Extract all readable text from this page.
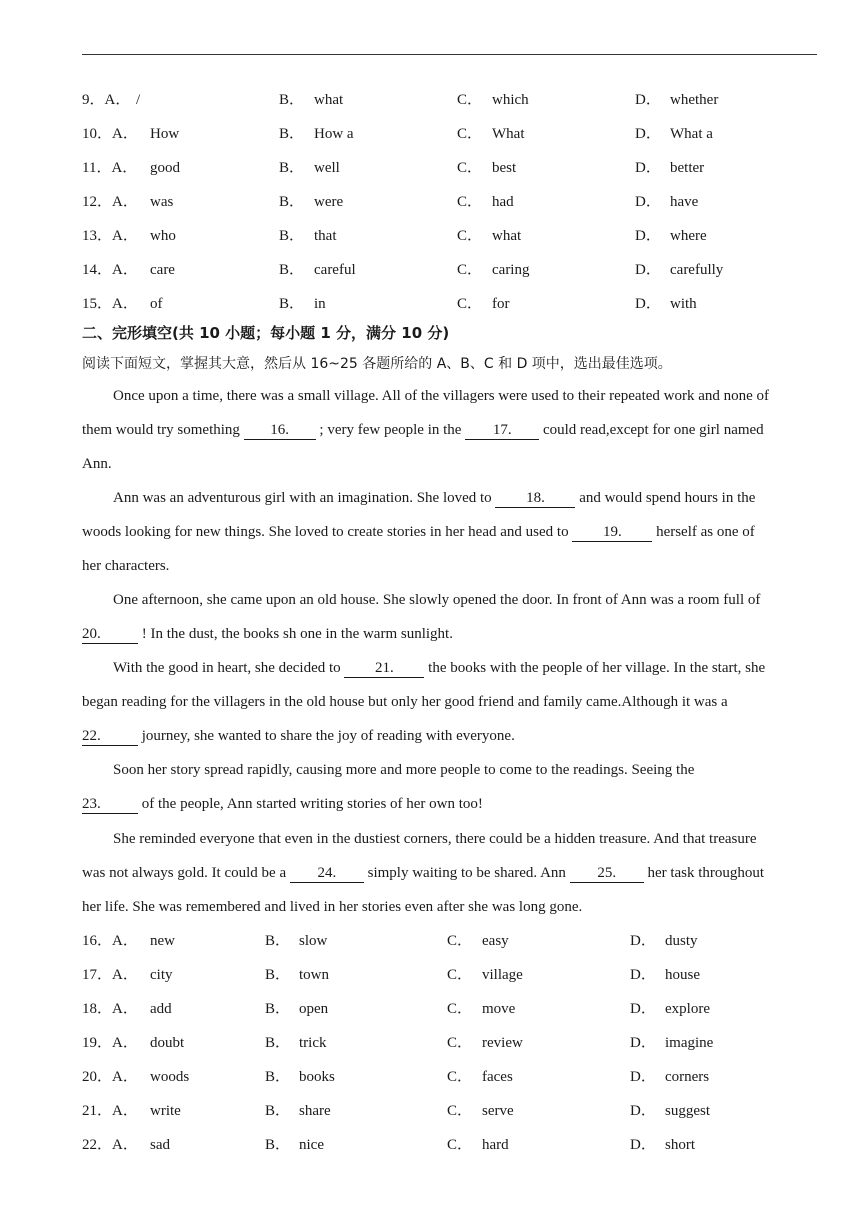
9．A． /	B． what	C． which	D． whether
10．A． How	B． How a	C． What	D． What a
11．A． good	B． well	C． best	D． better
12．A． was	B． were	C． had	D． have
13．A． who	B． that	C． what	D． where
14．A． care	B． careful	C． caring	D． carefully
15．A． of	B． in	C． for	D． with
二、完形填空(共 10 小题；每小题 1 分，满分 10 分)
阅读下面短文，掌握其大意，然后从 16~25 各题所给的 A、B、C 和 D 项中，选出最佳选项。
Once upon a time, there was a small village. All of the villagers were used to their repeated work and none of
them would try something 16. ; very few people in the 17. could read,except for one girl named
Ann.
Ann was an adventurous girl with an imagination. She loved to 18. and would spend hours in the
woods looking for new things. She loved to create stories in her head and used to 19. herself as one of
her characters.
One afternoon, she came upon an old house. She slowly opened the door. In front of Ann was a room full of
20. ! In the dust, the books sh one in the warm sunlight.
With the good in heart, she decided to 21. the books with the people of her village. In the start, she
began reading for the villagers in the old house but only her good friend and family came.Although it was a
22. journey, she wanted to share the joy of reading with everyone.
Soon her story spread rapidly, causing more and more people to come to the readings. Seeing the
23. of the people, Ann started writing stories of her own too!
She reminded everyone that even in the dustiest corners, there could be a hidden treasure. And that treasure
was not always gold. It could be a 24. simply waiting to be shared. Ann 25. her task throughout
her life. She was remembered and lived in her stories even after she was long gone.
16．A． new	B． slow	C． easy	D． dusty
17．A． city	B． town	C． village	D． house
18．A． add	B． open	C． move	D． explore
19．A． doubt	B． trick	C． review	D． imagine
20．A． woods	B． books	C． faces	D． corners
21．A． write	B． share	C． serve	D． suggest
22．A． sad	B． nice	C． hard	D． short
